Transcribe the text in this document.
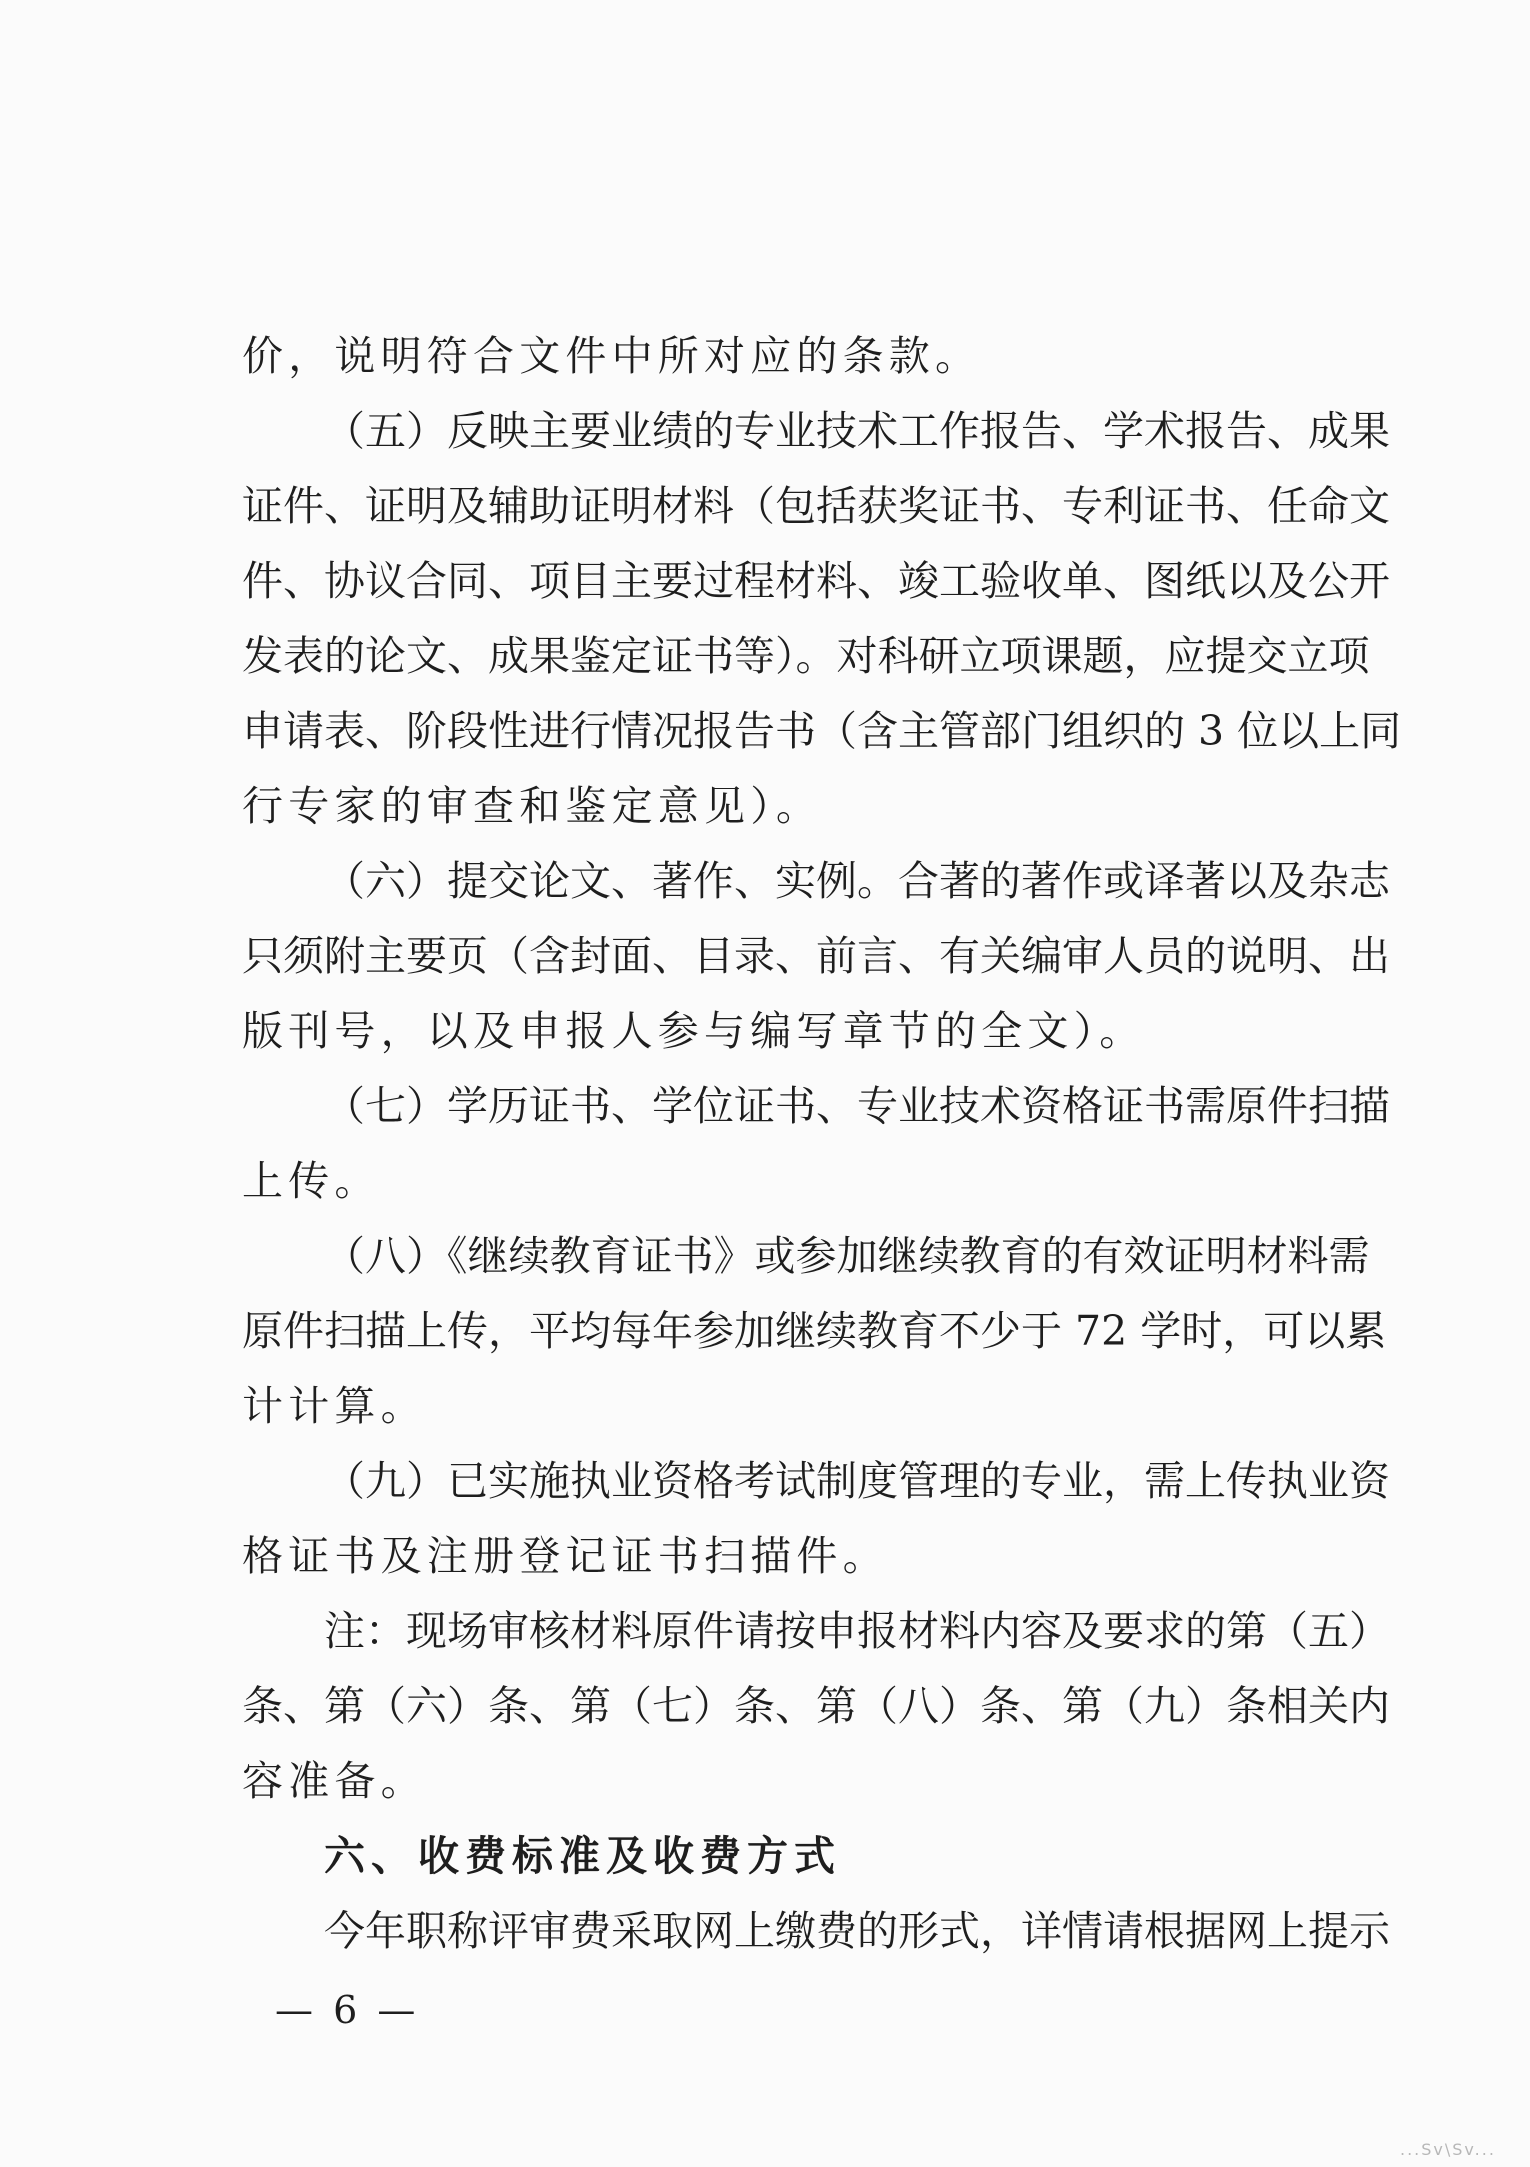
价，说明符合文件中所对应的条款。
（五）反映主要业绩的专业技术工作报告、学术报告、成果
证件、证明及辅助证明材料（包括获奖证书、专利证书、任命文
件、协议合同、项目主要过程材料、竣工验收单、图纸以及公开
发表的论文、成果鉴定证书等）。对科研立项课题，应提交立项
申请表、阶段性进行情况报告书（含主管部门组织的 3 位以上同
行专家的审查和鉴定意见）。
（六）提交论文、著作、实例。合著的著作或译著以及杂志
只须附主要页（含封面、目录、前言、有关编审人员的说明、出
版刊号，以及申报人参与编写章节的全文）。
（七）学历证书、学位证书、专业技术资格证书需原件扫描
上传。
（八）《继续教育证书》或参加继续教育的有效证明材料需
原件扫描上传，平均每年参加继续教育不少于 72 学时，可以累
计计算。
（九）已实施执业资格考试制度管理的专业，需上传执业资
格证书及注册登记证书扫描件。
注：现场审核材料原件请按申报材料内容及要求的第（五）
条、第（六）条、第（七）条、第（八）条、第（九）条相关内
容准备。
六、收费标准及收费方式
今年职称评审费采取网上缴费的形式，详情请根据网上提示
— 6 —
...Sv\Sv...
